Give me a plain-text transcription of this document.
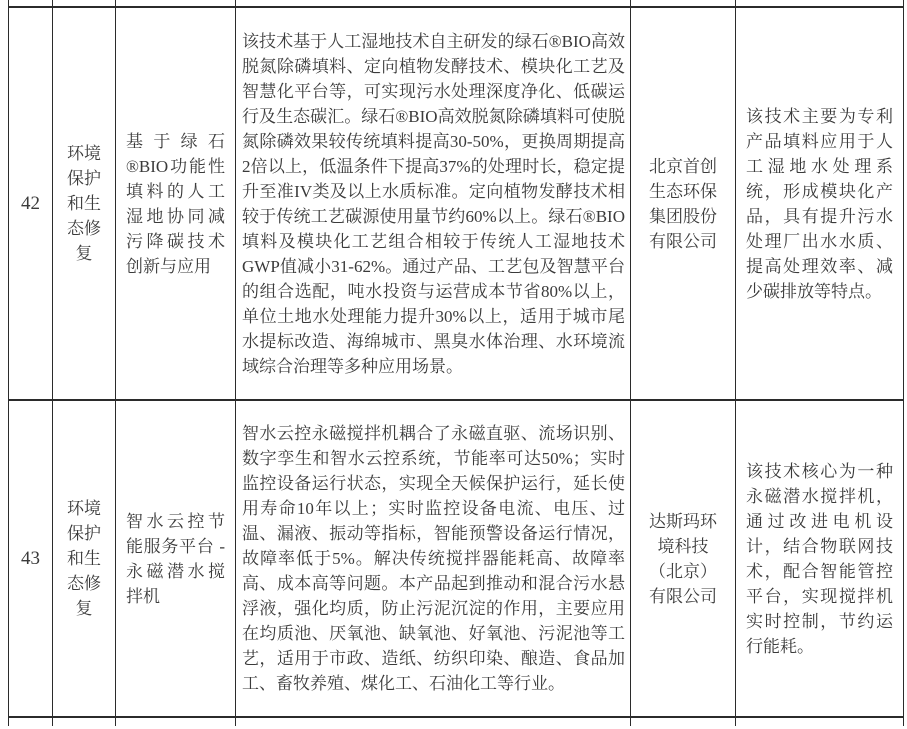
42	环境保护和生态修复	基于绿石®BIO功能性填料的人工湿地协同减污降碳技术创新与应用	该技术基于人工湿地技术自主研发的绿石®BIO高效脱氮除磷填料、定向植物发酵技术、模块化工艺及智慧化平台等，可实现污水处理深度净化、低碳运行及生态碳汇。绿石®BIO高效脱氮除磷填料可使脱氮除磷效果较传统填料提高30-50%，更换周期提高2倍以上，低温条件下提高37%的处理时长，稳定提升至准IV类及以上水质标准。定向植物发酵技术相较于传统工艺碳源使用量节约60%以上。绿石®BIO填料及模块化工艺组合相较于传统人工湿地技术GWP值减小31-62%。通过产品、工艺包及智慧平台的组合选配，吨水投资与运营成本节省80%以上，单位土地水处理能力提升30%以上，适用于城市尾水提标改造、海绵城市、黑臭水体治理、水环境流域综合治理等多种应用场景。	北京首创生态环保集团股份有限公司	该技术主要为专利产品填料应用于人工湿地水处理系统，形成模块化产品，具有提升污水处理厂出水水质、提高处理效率、减少碳排放等特点。
43	环境保护和生态修复	智水云控节能服务平台 - 永磁潜水搅拌机	智水云控永磁搅拌机耦合了永磁直驱、流场识别、数字孪生和智水云控系统，节能率可达50%；实时监控设备运行状态，实现全天候保护运行，延长使用寿命10年以上；实时监控设备电流、电压、过温、漏液、振动等指标，智能预警设备运行情况，故障率低于5%。解决传统搅拌器能耗高、故障率高、成本高等问题。本产品起到推动和混合污水悬浮液，强化均质，防止污泥沉淀的作用，主要应用在均质池、厌氧池、缺氧池、好氧池、污泥池等工艺，适用于市政、造纸、纺织印染、酿造、食品加工、畜牧养殖、煤化工、石油化工等行业。	达斯玛环境科技（北京）有限公司	该技术核心为一种永磁潜水搅拌机，通过改进电机设计，结合物联网技术，配合智能管控平台，实现搅拌机实时控制，节约运行能耗。
